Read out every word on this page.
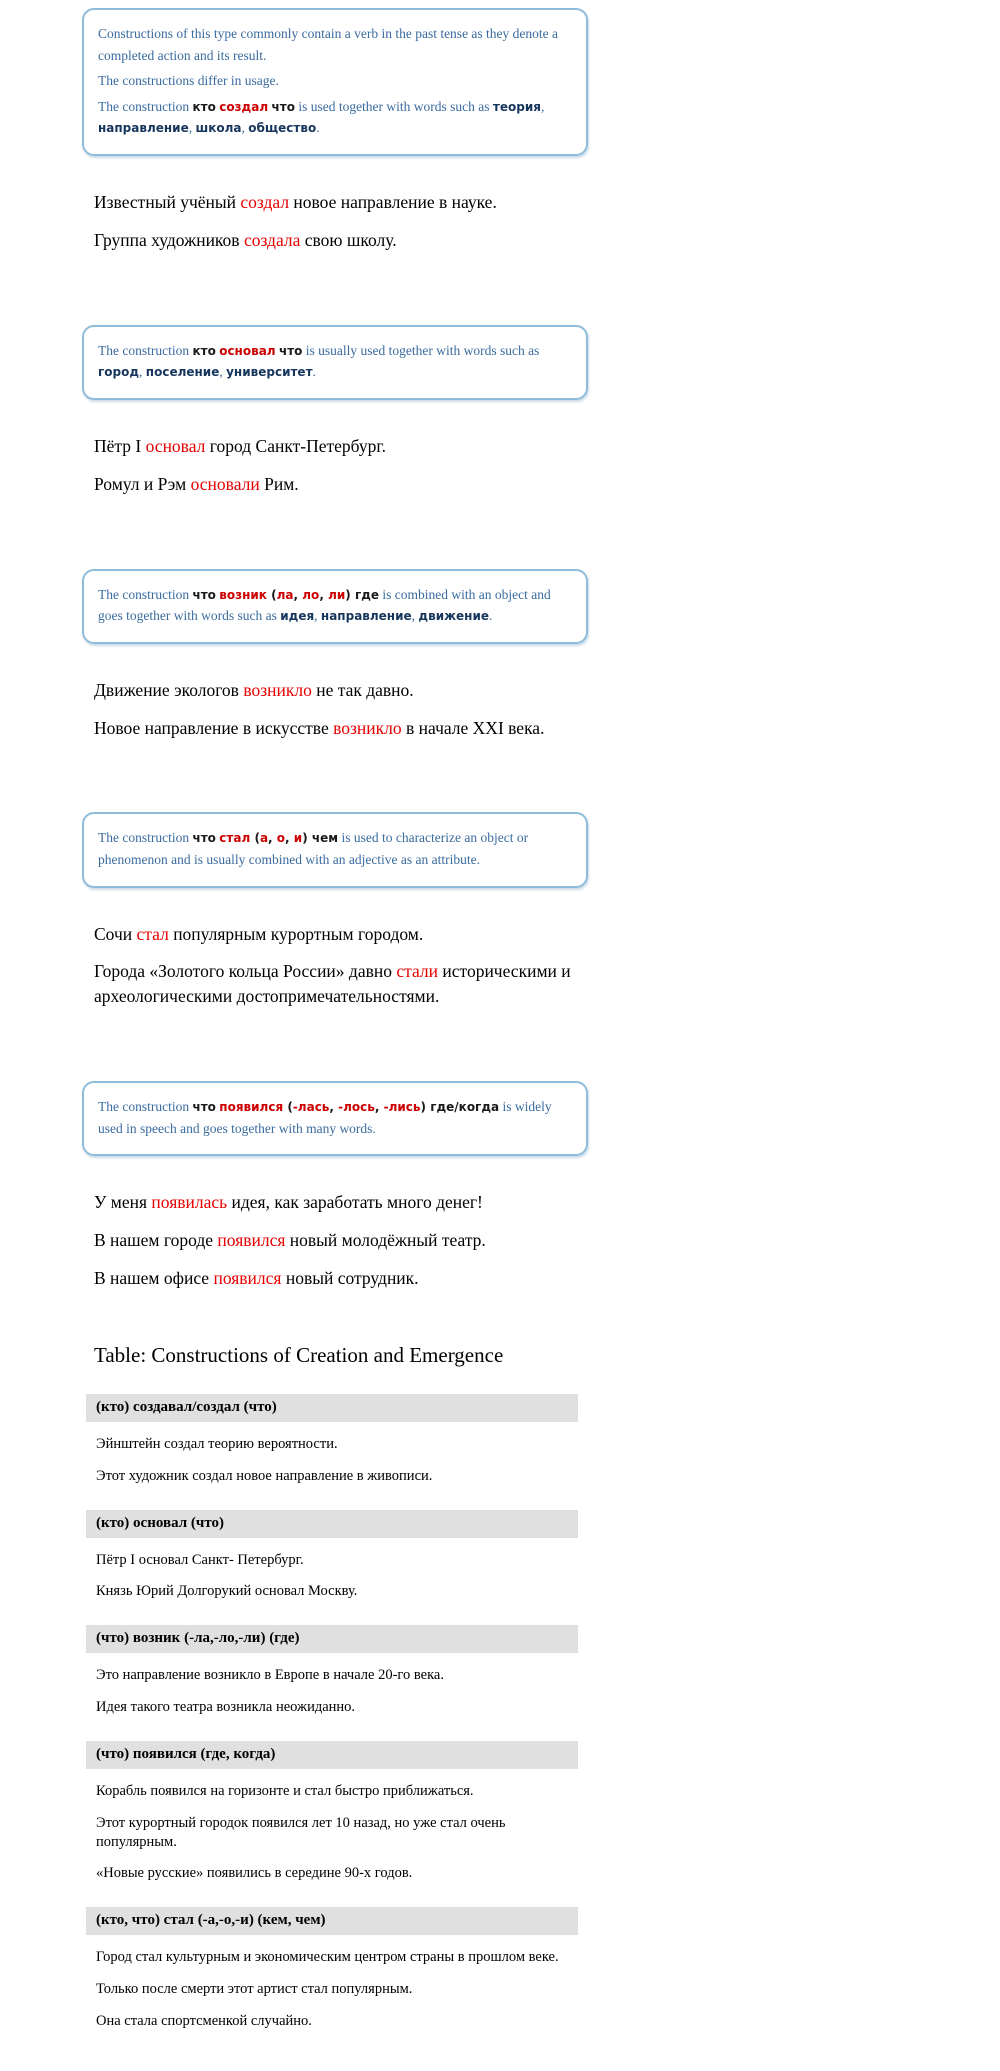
Constructions of this type commonly contain a verb in the past tense as they denote a completed action and its result.

The constructions differ in usage.

The construction кто создал что is used together with words such as теория, направление, школа, общество.

Известный учёный создал новое направление в науке.

Группа художников создала свою школу.

The construction кто основал что is usually used together with words such as город, поселение, университет.

Пётр I основал город Санкт-Петербург.

Ромул и Рэм основали Рим.

The construction что возник (ла, ло, ли) где is combined with an object and goes together with words such as идея, направление, движение.

Движение экологов возникло не так давно.

Новое направление в искусстве возникло в начале XXI века.

The construction что стал (а, о, и) чем is used to characterize an object or phenomenon and is usually combined with an adjective as an attribute.

Сочи стал популярным курортным городом.

Города «Золотого кольца России» давно стали историческими и археологическими достопримечательностями.

The construction что появился (-лась, -лось, -лись) где/когда is widely used in speech and goes together with many words.

У меня появилась идея, как заработать много денег!

В нашем городе появился новый молодёжный театр.

В нашем офисе появился новый сотрудник.

Table: Constructions of Creation and Emergence
(кто) создавал/создал (что)
Эйнштейн создал теорию вероятности.
Этот художник создал новое направление в живописи.
(кто) основал (что)
Пётр I основал Санкт- Петербург.
Князь Юрий Долгорукий основал Москву.
(что) возник (-ла,-ло,-ли) (где)
Это направление возникло в Европе в начале 20-го века.
Идея такого театра возникла неожиданно.
(что) появился (где, когда)
Корабль появился на горизонте и стал быстро приближаться.
Этот курортный городок появился лет 10 назад, но уже стал очень популярным.
«Новые русские» появились в середине 90-х годов.
(кто, что) стал (-а,-о,-и) (кем, чем)
Город стал культурным и экономическим центром страны в прошлом веке.
Только после смерти этот артист стал популярным.
Она стала спортсменкой случайно.
